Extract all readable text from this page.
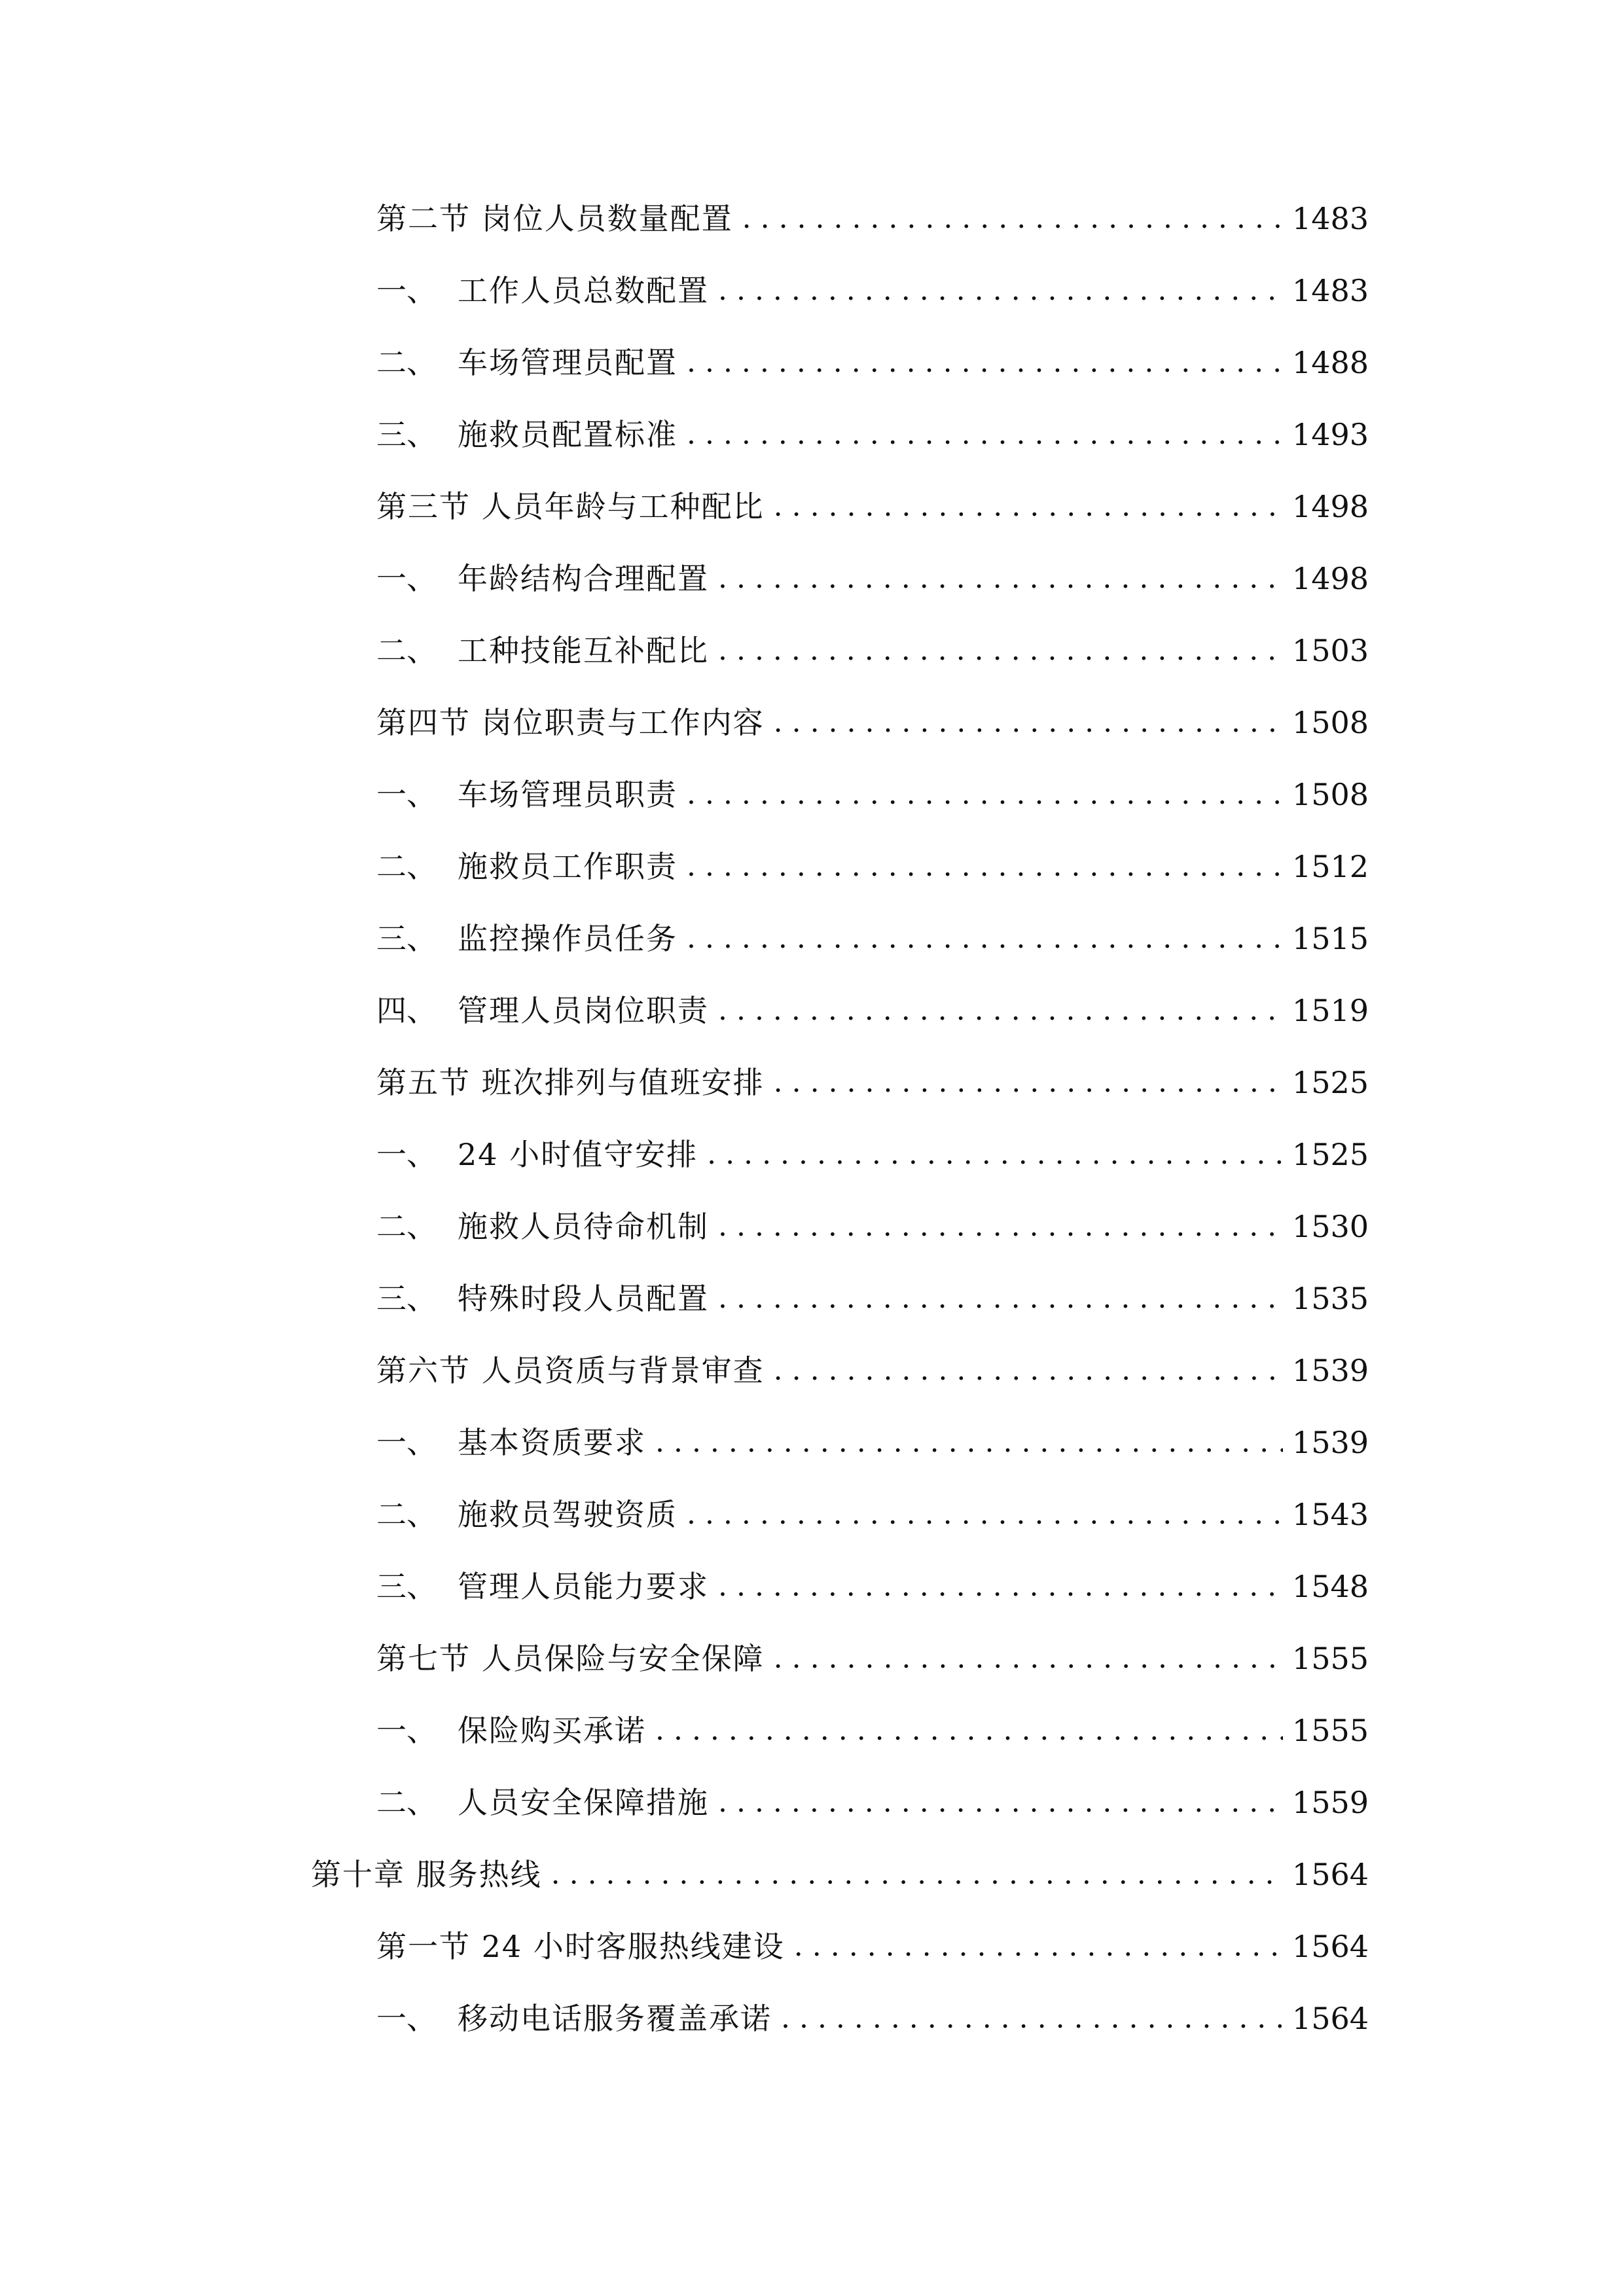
第二节 岗位人员数量配置 . . .	1483
一、 工作人员总数配置 . . .	1483
二、 车场管理员配置 . . .	1488
三、 施救员配置标准 . . .	1493
第三节 人员年龄与工种配比 . . .	1498
一、 年龄结构合理配置 . . .	1498
二、 工种技能互补配比 . . .	1503
第四节 岗位职责与工作内容 . . .	1508
一、 车场管理员职责 . . .	1508
二、 施救员工作职责 . . .	1512
三、 监控操作员任务 . . .	1515
四、 管理人员岗位职责 . . .	1519
第五节 班次排列与值班安排 . . .	1525
一、 24 小时值守安排 . . .	1525
二、 施救人员待命机制 . . .	1530
三、 特殊时段人员配置 . . .	1535
第六节 人员资质与背景审查 . . .	1539
一、 基本资质要求 . . .	1539
二、 施救员驾驶资质 . . .	1543
三、 管理人员能力要求 . . .	1548
第七节 人员保险与安全保障 . . .	1555
一、 保险购买承诺 . . .	1555
二、 人员安全保障措施 . . .	1559
第十章 服务热线 . . .	1564
第一节 24 小时客服热线建设 . . .	1564
一、 移动电话服务覆盖承诺 . . .	1564
